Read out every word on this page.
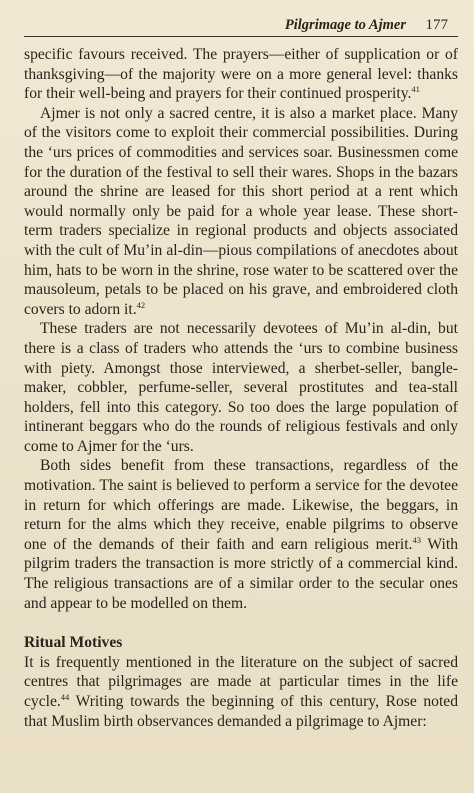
Pilgrimage to Ajmer 177

specific favours received. The prayers—either of supplication or of thanksgiving—of the majority were on a more general level: thanks for their well-being and prayers for their continued prosperity.$^{41}$

Ajmer is not only a sacred centre, it is also a market place. Many of the visitors come to exploit their commercial possibilities. During the ‘urs prices of commodities and services soar. Businessmen come for the duration of the festival to sell their wares. Shops in the bazars around the shrine are leased for this short period at a rent which would normally only be paid for a whole year lease. These short-term traders specialize in regional products and objects associated with the cult of Mu’in al-din—pious compilations of anecdotes about him, hats to be worn in the shrine, rose water to be scattered over the mausoleum, petals to be placed on his grave, and embroidered cloth covers to adorn it.$^{42}$

These traders are not necessarily devotees of Mu’in al-din, but there is a class of traders who attends the ‘urs to combine business with piety. Amongst those interviewed, a sherbet-seller, bangle-maker, cobbler, perfume-seller, several prostitutes and tea-stall holders, fell into this category. So too does the large population of intinerant beggars who do the rounds of religious festivals and only come to Ajmer for the ‘urs.

Both sides benefit from these transactions, regardless of the motivation. The saint is believed to perform a service for the devotee in return for which offerings are made. Likewise, the beggars, in return for the alms which they receive, enable pilgrims to observe one of the demands of their faith and earn religious merit.$^{43}$ With pilgrim traders the transaction is more strictly of a commercial kind. The religious transactions are of a similar order to the secular ones and appear to be modelled on them.

Ritual Motives

It is frequently mentioned in the literature on the subject of sacred centres that pilgrimages are made at particular times in the life cycle.$^{44}$ Writing towards the beginning of this century, Rose noted that Muslim birth observances demanded a pilgrimage to Ajmer:
